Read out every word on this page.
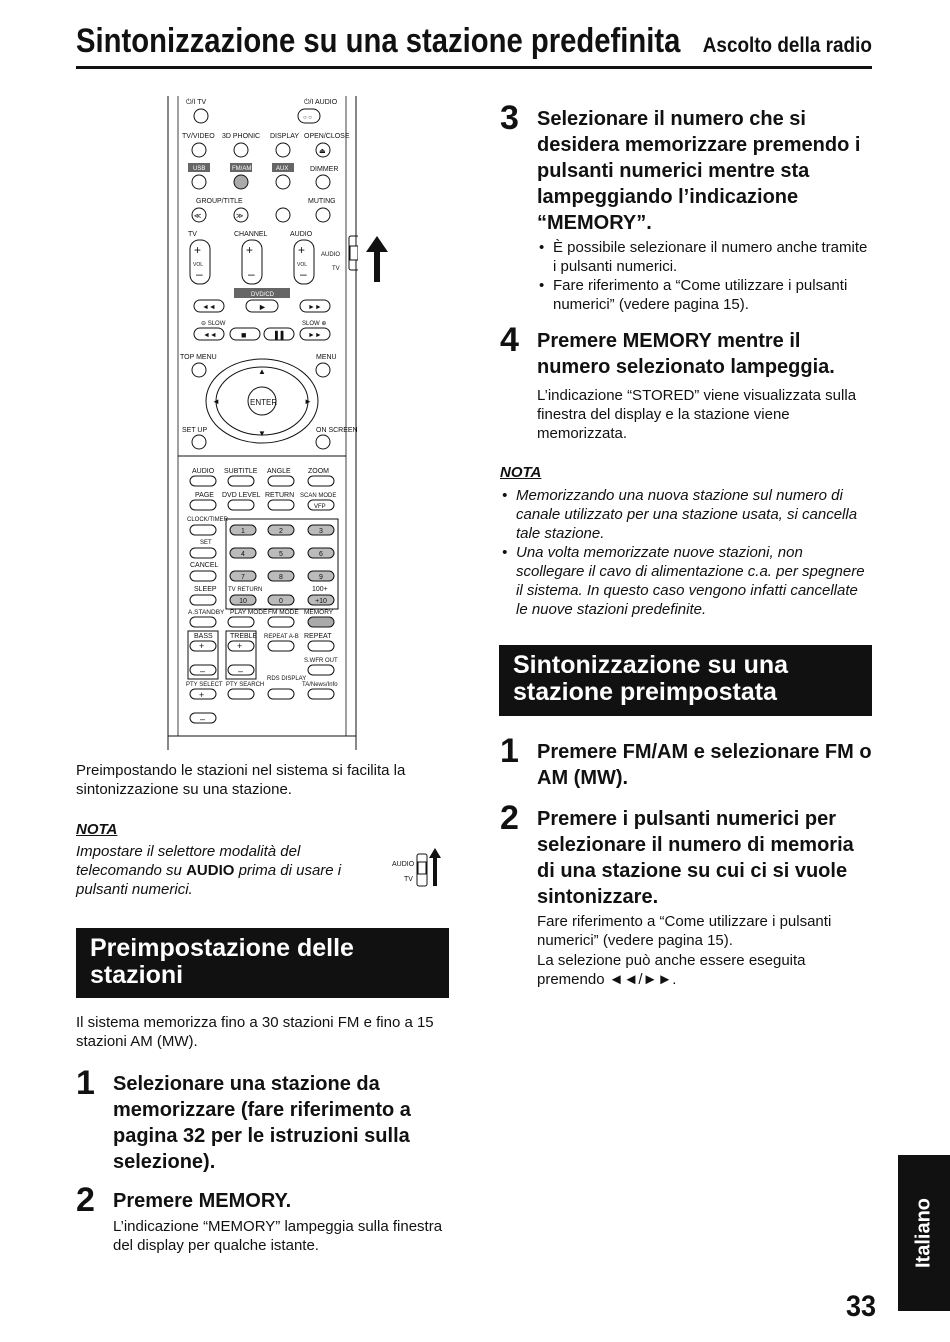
Sintonizzazione su una stazione predefinita Ascolto della radio
⏻/I TV	⏻/I AUDIO
○ ○
TV/VIDEO 3D PHONIC DISPLAY OPEN/CLOSE
⏏
USB	FM/AM	AUX	DIMMER
GROUP/TITLE	MUTING
≪	≫
TV	CHANNEL	AUDIO
+
–
+
–
+
–
VOL	VOL
AUDIO
TV
DVD/CD
◄◄	►	►►
⊖ SLOW	SLOW ⊕
◄◄	■	▌▌	►►
TOP MENU	MENU
ENTER
▲
▼
◄	►
SET UP	ON SCREEN
AUDIO SUBTITLE ANGLE ZOOM
PAGE DVD LEVEL RETURN SCAN MODE
VFP
CLOCK/TIMER
SET
CANCEL
SLEEP TV RETURN	100+
1	2	3
4	5	6
7	8	9
10	0	+10
A.STANDBY PLAY MODE FM MODE MEMORY
BASS TREBLE REPEAT A-B REPEAT
+	+
–	–
S.WFR OUT
RDS DISPLAY
PTY SELECT PTY SEARCH	TA/News/Info
+
–
Preimpostando le stazioni nel sistema si facilita la sintonizzazione su una stazione.
NOTA
Impostare il selettore modalità del telecomando su AUDIO prima di usare i pulsanti numerici.
AUDIO
TV
Preimpostazione delle stazioni
Il sistema memorizza fino a 30 stazioni FM e fino a 15 stazioni AM (MW).
1 Selezionare una stazione da memorizzare (fare riferimento a pagina 32 per le istruzioni sulla selezione).
2 Premere MEMORY.
L’indicazione “MEMORY” lampeggia sulla finestra del display per qualche istante.
3 Selezionare il numero che si desidera memorizzare premendo i pulsanti numerici mentre sta lampeggiando l’indicazione “MEMORY”.
• È possibile selezionare il numero anche tramite i pulsanti numerici.
• Fare riferimento a “Come utilizzare i pulsanti numerici” (vedere pagina 15).
4 Premere MEMORY mentre il numero selezionato lampeggia.
L’indicazione “STORED” viene visualizzata sulla finestra del display e la stazione viene memorizzata.
NOTA
• Memorizzando una nuova stazione sul numero di canale utilizzato per una stazione usata, si cancella tale stazione.
• Una volta memorizzate nuove stazioni, non scollegare il cavo di alimentazione c.a. per spegnere il sistema. In questo caso vengono infatti cancellate le nuove stazioni predefinite.
Sintonizzazione su una stazione preimpostata
1 Premere FM/AM e selezionare FM o AM (MW).
2 Premere i pulsanti numerici per selezionare il numero di memoria di una stazione su cui ci si vuole sintonizzare.
Fare riferimento a “Come utilizzare i pulsanti numerici” (vedere pagina 15).
La selezione può anche essere eseguita premendo ◄◄/►►.
Italiano
33
